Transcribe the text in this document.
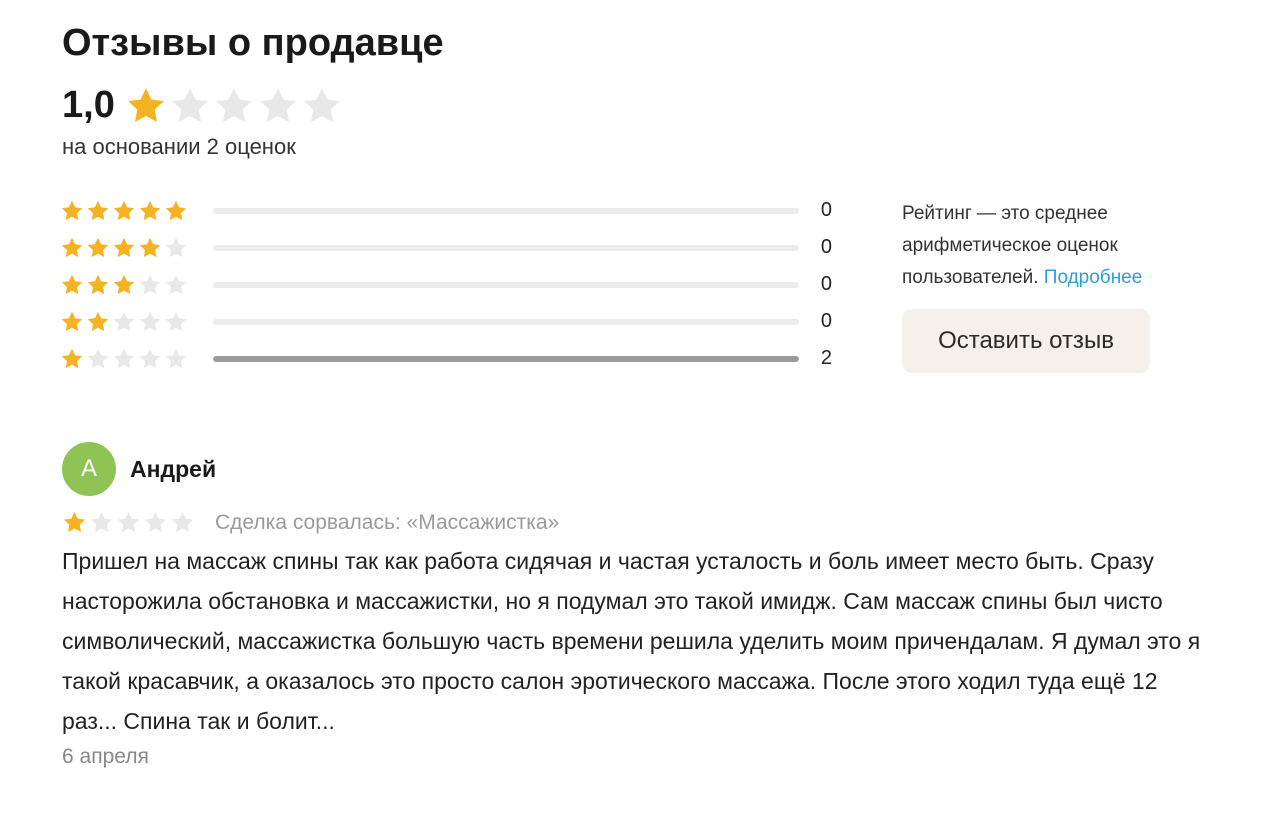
Отзывы о продавце
1,0
на основании 2 оценок
0
0
0
0
2
Рейтинг — это среднее арифметическое оценок пользователей. Подробнее
Оставить отзыв
А	Андрей
Сделка сорвалась: «Массажистка»
Пришел на массаж спины так как работа сидячая и частая усталость и боль имеет место быть. Сразу насторожила обстановка и массажистки, но я подумал это такой имидж. Сам массаж спины был чисто символический, массажистка большую часть времени решила уделить моим причендалам. Я думал это я такой красавчик, а оказалось это просто салон эротического массажа. После этого ходил туда ещё 12 раз... Спина так и болит...
6 апреля
